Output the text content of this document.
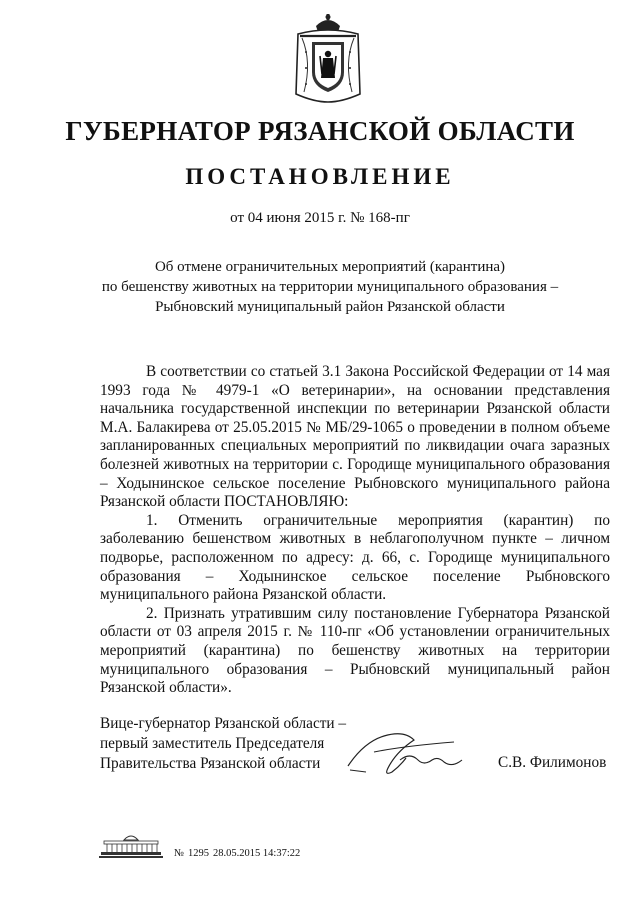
ГУБЕРНАТОР РЯЗАНСКОЙ ОБЛАСТИ
ПОСТАНОВЛЕНИЕ
от 04 июня 2015 г. № 168-пг
Об отмене ограничительных мероприятий (карантина)
по бешенству животных на территории муниципального образования –
Рыбновский муниципальный район Рязанской области

В соответствии со статьей 3.1 Закона Российской Федерации от 14 мая 1993 года № 4979-1 «О ветеринарии», на основании представления начальника государственной инспекции по ветеринарии Рязанской области М.А. Балакирева от 25.05.2015 № МБ/29-1065 о проведении в полном объеме запланированных специальных мероприятий по ликвидации очага заразных болезней животных на территории с. Городище муниципального образования – Ходынинское сельское поселение Рыбновского муниципального района Рязанской области ПОСТАНОВЛЯЮ:

1. Отменить ограничительные мероприятия (карантин) по заболеванию бешенством животных в неблагополучном пункте – личном подворье, расположенном по адресу: д. 66, с. Городище муниципального образования – Ходынинское сельское поселение Рыбновского муниципального района Рязанской области.

2. Признать утратившим силу постановление Губернатора Рязанской области от 03 апреля 2015 г. № 110-пг «Об установлении ограничительных мероприятий (карантина) по бешенству животных на территории муниципального образования – Рыбновский муниципальный район Рязанской области».

Вице-губернатор Рязанской области –
первый заместитель Председателя
Правительства Рязанской области	С.В. Филимонов
№ 1295 28.05.2015 14:37:22
